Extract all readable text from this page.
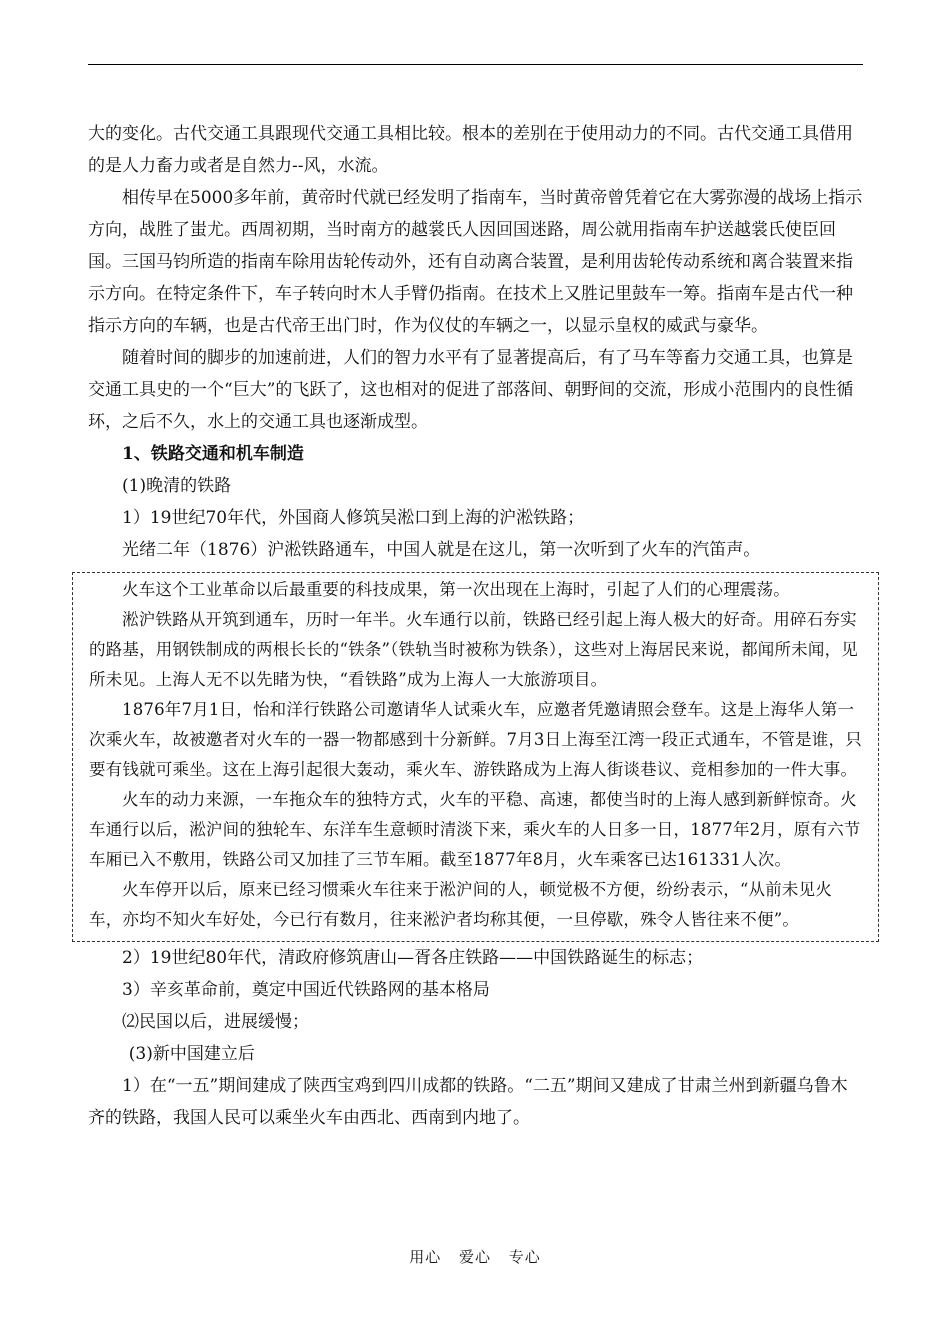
大的变化。古代交通工具跟现代交通工具相比较。根本的差别在于使用动力的不同。古代交通工具借用的是人力畜力或者是自然力--风，水流。

相传早在5000多年前，黄帝时代就已经发明了指南车，当时黄帝曾凭着它在大雾弥漫的战场上指示方向，战胜了蚩尤。西周初期，当时南方的越裳氏人因回国迷路，周公就用指南车护送越裳氏使臣回国。三国马钧所造的指南车除用齿轮传动外，还有自动离合装置，是利用齿轮传动系统和离合装置来指示方向。在特定条件下，车子转向时木人手臂仍指南。在技术上又胜记里鼓车一筹。指南车是古代一种指示方向的车辆，也是古代帝王出门时，作为仪仗的车辆之一，以显示皇权的威武与豪华。

随着时间的脚步的加速前进，人们的智力水平有了显著提高后，有了马车等畜力交通工具，也算是交通工具史的一个“巨大”的飞跃了，这也相对的促进了部落间、朝野间的交流，形成小范围内的良性循环，之后不久，水上的交通工具也逐渐成型。

1、铁路交通和机车制造

(1)晚清的铁路

1）19世纪70年代，外国商人修筑吴淞口到上海的沪淞铁路；

光绪二年（1876）沪淞铁路通车，中国人就是在这儿，第一次听到了火车的汽笛声。

火车这个工业革命以后最重要的科技成果，第一次出现在上海时，引起了人们的心理震荡。

淞沪铁路从开筑到通车，历时一年半。火车通行以前，铁路已经引起上海人极大的好奇。用碎石夯实的路基，用钢铁制成的两根长长的“铁条”（铁轨当时被称为铁条），这些对上海居民来说，都闻所未闻，见所未见。上海人无不以先睹为快，“看铁路”成为上海人一大旅游项目。

1876年7月1日，怡和洋行铁路公司邀请华人试乘火车，应邀者凭邀请照会登车。这是上海华人第一次乘火车，故被邀者对火车的一器一物都感到十分新鲜。7月3日上海至江湾一段正式通车，不管是谁，只要有钱就可乘坐。这在上海引起很大轰动，乘火车、游铁路成为上海人街谈巷议、竞相参加的一件大事。

火车的动力来源，一车拖众车的独特方式，火车的平稳、高速，都使当时的上海人感到新鲜惊奇。火车通行以后，淞沪间的独轮车、东洋车生意顿时清淡下来，乘火车的人日多一日，1877年2月，原有六节车厢已入不敷用，铁路公司又加挂了三节车厢。截至1877年8月，火车乘客已达161331人次。

火车停开以后，原来已经习惯乘火车往来于淞沪间的人，顿觉极不方便，纷纷表示，“从前未见火车，亦均不知火车好处，今已行有数月，往来淞沪者均称其便，一旦停歇，殊令人皆往来不便”。

2）19世纪80年代，清政府修筑唐山—胥各庄铁路——中国铁路诞生的标志；

3）辛亥革命前，奠定中国近代铁路网的基本格局

⑵民国以后，进展缓慢；

(3)新中国建立后

1）在“一五”期间建成了陕西宝鸡到四川成都的铁路。“二五”期间又建成了甘肃兰州到新疆乌鲁木齐的铁路，我国人民可以乘坐火车由西北、西南到内地了。

用心 爱心 专心
